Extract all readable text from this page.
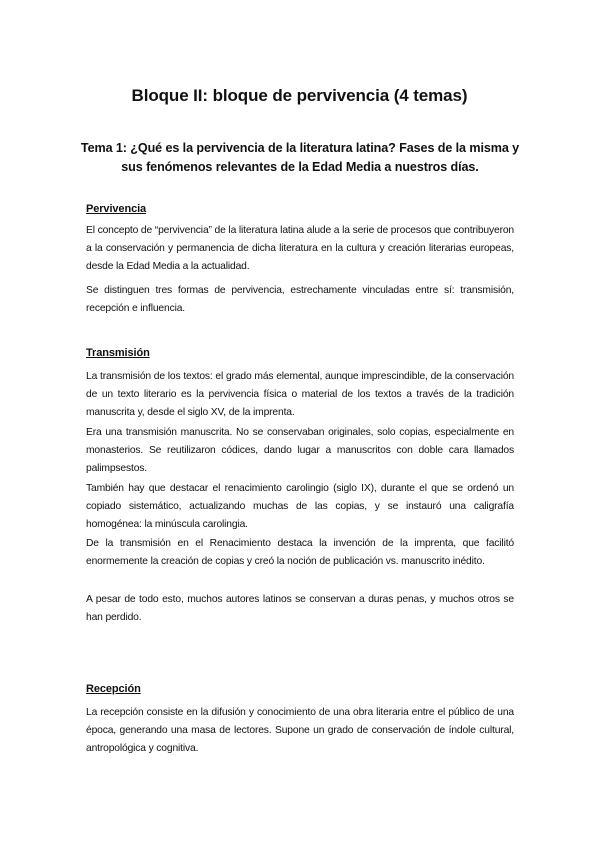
Bloque II: bloque de pervivencia (4 temas)
Tema 1: ¿Qué es la pervivencia de la literatura latina? Fases de la misma y sus fenómenos relevantes de la Edad Media a nuestros días.
Pervivencia

El concepto de “pervivencia” de la literatura latina alude a la serie de procesos que contribuyeron a la conservación y permanencia de dicha literatura en la cultura y creación literarias europeas, desde la Edad Media a la actualidad.

Se distinguen tres formas de pervivencia, estrechamente vinculadas entre sí: transmisión, recepción e influencia.

Transmisión

La transmisión de los textos: el grado más elemental, aunque imprescindible, de la conservación de un texto literario es la pervivencia física o material de los textos a través de la tradición manuscrita y, desde el siglo XV, de la imprenta.

Era una transmisión manuscrita. No se conservaban originales, solo copias, especialmente en monasterios. Se reutilizaron códices, dando lugar a manuscritos con doble cara llamados palimpsestos.

También hay que destacar el renacimiento carolingio (siglo IX), durante el que se ordenó un copiado sistemático, actualizando muchas de las copias, y se instauró una caligrafía homogénea: la minúscula carolingia.

De la transmisión en el Renacimiento destaca la invención de la imprenta, que facilitó enormemente la creación de copias y creó la noción de publicación vs. manuscrito inédito.

A pesar de todo esto, muchos autores latinos se conservan a duras penas, y muchos otros se han perdido.

Recepción

La recepción consiste en la difusión y conocimiento de una obra literaria entre el público de una época, generando una masa de lectores. Supone un grado de conservación de índole cultural, antropológica y cognitiva.
